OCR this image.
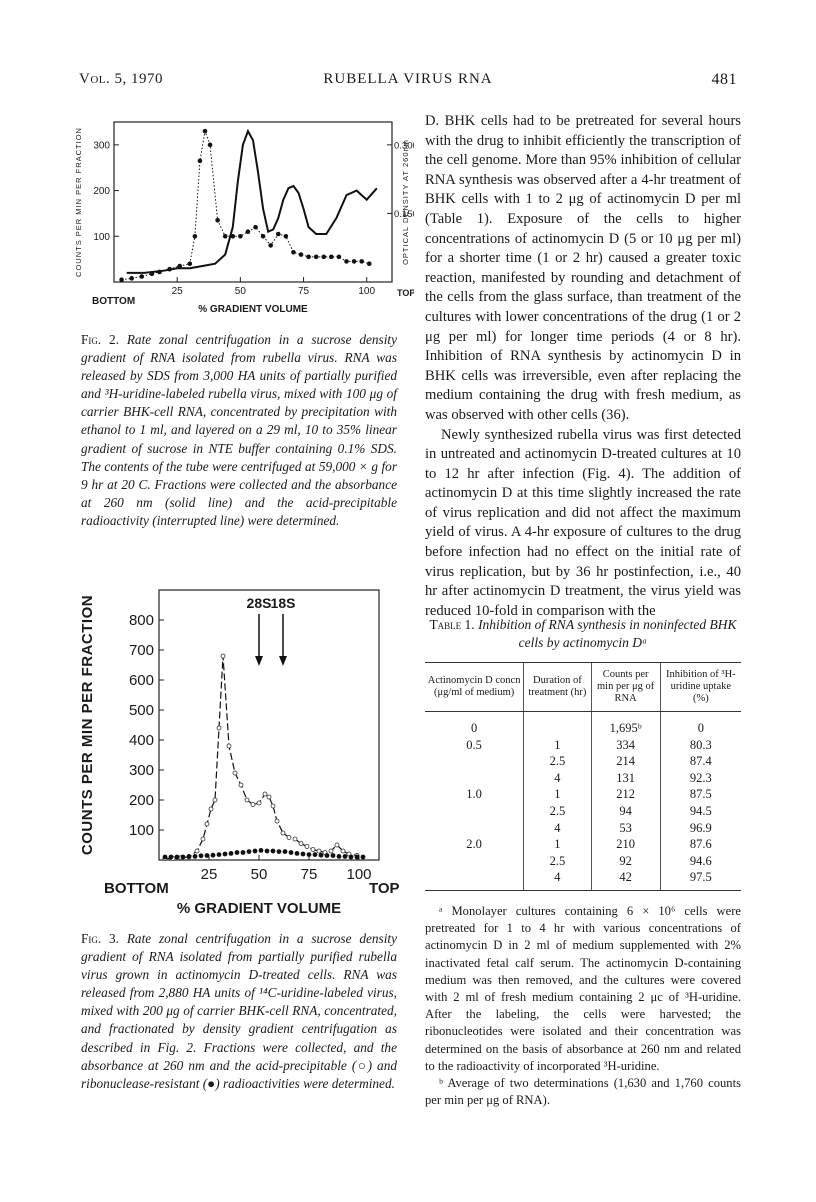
Vol. 5, 1970	RUBELLA VIRUS RNA	481
100
200
300
0.15
0.30
25	50	75	100
BOTTOM
TOP
% GRADIENT VOLUME
COUNTS PER MIN PER FRACTION	OPTICAL DENSITY AT 260nm
Fig. 2. Rate zonal centrifugation in a sucrose density gradient of RNA isolated from rubella virus. RNA was released by SDS from 3,000 HA units of partially purified and ³H-uridine-labeled rubella virus, mixed with 100 μg of carrier BHK-cell RNA, concentrated by precipitation with ethanol to 1 ml, and layered on a 29 ml, 10 to 35% linear gradient of sucrose in NTE buffer containing 0.1% SDS. The contents of the tube were centrifuged at 59,000 × g for 9 hr at 20 C. Fractions were collected and the absorbance at 260 nm (solid line) and the acid-precipitable radioactivity (interrupted line) were determined.
100
200
300
400
500
600
700
800
25 50 75 100
BOTTOM	TOP
% GRADIENT VOLUME
COUNTS PER MIN PER FRACTION	28S 18S
Fig. 3. Rate zonal centrifugation in a sucrose density gradient of RNA isolated from partially purified rubella virus grown in actinomycin D-treated cells. RNA was released from 2,880 HA units of ¹⁴C-uridine-labeled virus, mixed with 200 μg of carrier BHK-cell RNA, concentrated, and fractionated by density gradient centrifugation as described in Fig. 2. Fractions were collected, and the absorbance at 260 nm and the acid-precipitable (○) and ribonuclease-resistant (●) radioactivities were determined.

D. BHK cells had to be pretreated for several hours with the drug to inhibit efficiently the transcription of the cell genome. More than 95% inhibition of cellular RNA synthesis was observed after a 4-hr treatment of BHK cells with 1 to 2 μg of actinomycin D per ml (Table 1). Exposure of the cells to higher concentrations of actinomycin D (5 or 10 μg per ml) for a shorter time (1 or 2 hr) caused a greater toxic reaction, manifested by rounding and detachment of the cells from the glass surface, than treatment of the cultures with lower concentrations of the drug (1 or 2 μg per ml) for longer time periods (4 or 8 hr). Inhibition of RNA synthesis by actinomycin D in BHK cells was irreversible, even after replacing the medium containing the drug with fresh medium, as was observed with other cells (36).

Newly synthesized rubella virus was first detected in untreated and actinomycin D-treated cultures at 10 to 12 hr after infection (Fig. 4). The addition of actinomycin D at this time slightly increased the rate of virus replication and did not affect the maximum yield of virus. A 4-hr exposure of cultures to the drug before infection had no effect on the initial rate of virus replication, but by 36 hr postinfection, i.e., 40 hr after actinomycin D treatment, the virus yield was reduced 10-fold in comparison with the

Table 1. Inhibition of RNA synthesis in noninfected BHK cells by actinomycin Dᵃ
Actinomycin D concn (μg/ml of medium)	Duration of treatment (hr)	Counts per min per μg of RNA	Inhibition of ³H-uridine uptake (%)
0		1,695ᵇ	0
0.5	1	334	80.3
	2.5	214	87.4
	4	131	92.3
1.0	1	212	87.5
	2.5	94	94.5
	4	53	96.9
2.0	1	210	87.6
	2.5	92	94.6
	4	42	97.5

ᵃ Monolayer cultures containing 6 × 10⁶ cells were pretreated for 1 to 4 hr with various concentrations of actinomycin D in 2 ml of medium supplemented with 2% inactivated fetal calf serum. The actinomycin D-containing medium was then removed, and the cultures were covered with 2 ml of fresh medium containing 2 μc of ³H-uridine. After the labeling, the cells were harvested; the ribonucleotides were isolated and their concentration was determined on the basis of absorbance at 260 nm and related to the radioactivity of incorporated ³H-uridine.

ᵇ Average of two determinations (1,630 and 1,760 counts per min per μg of RNA).
